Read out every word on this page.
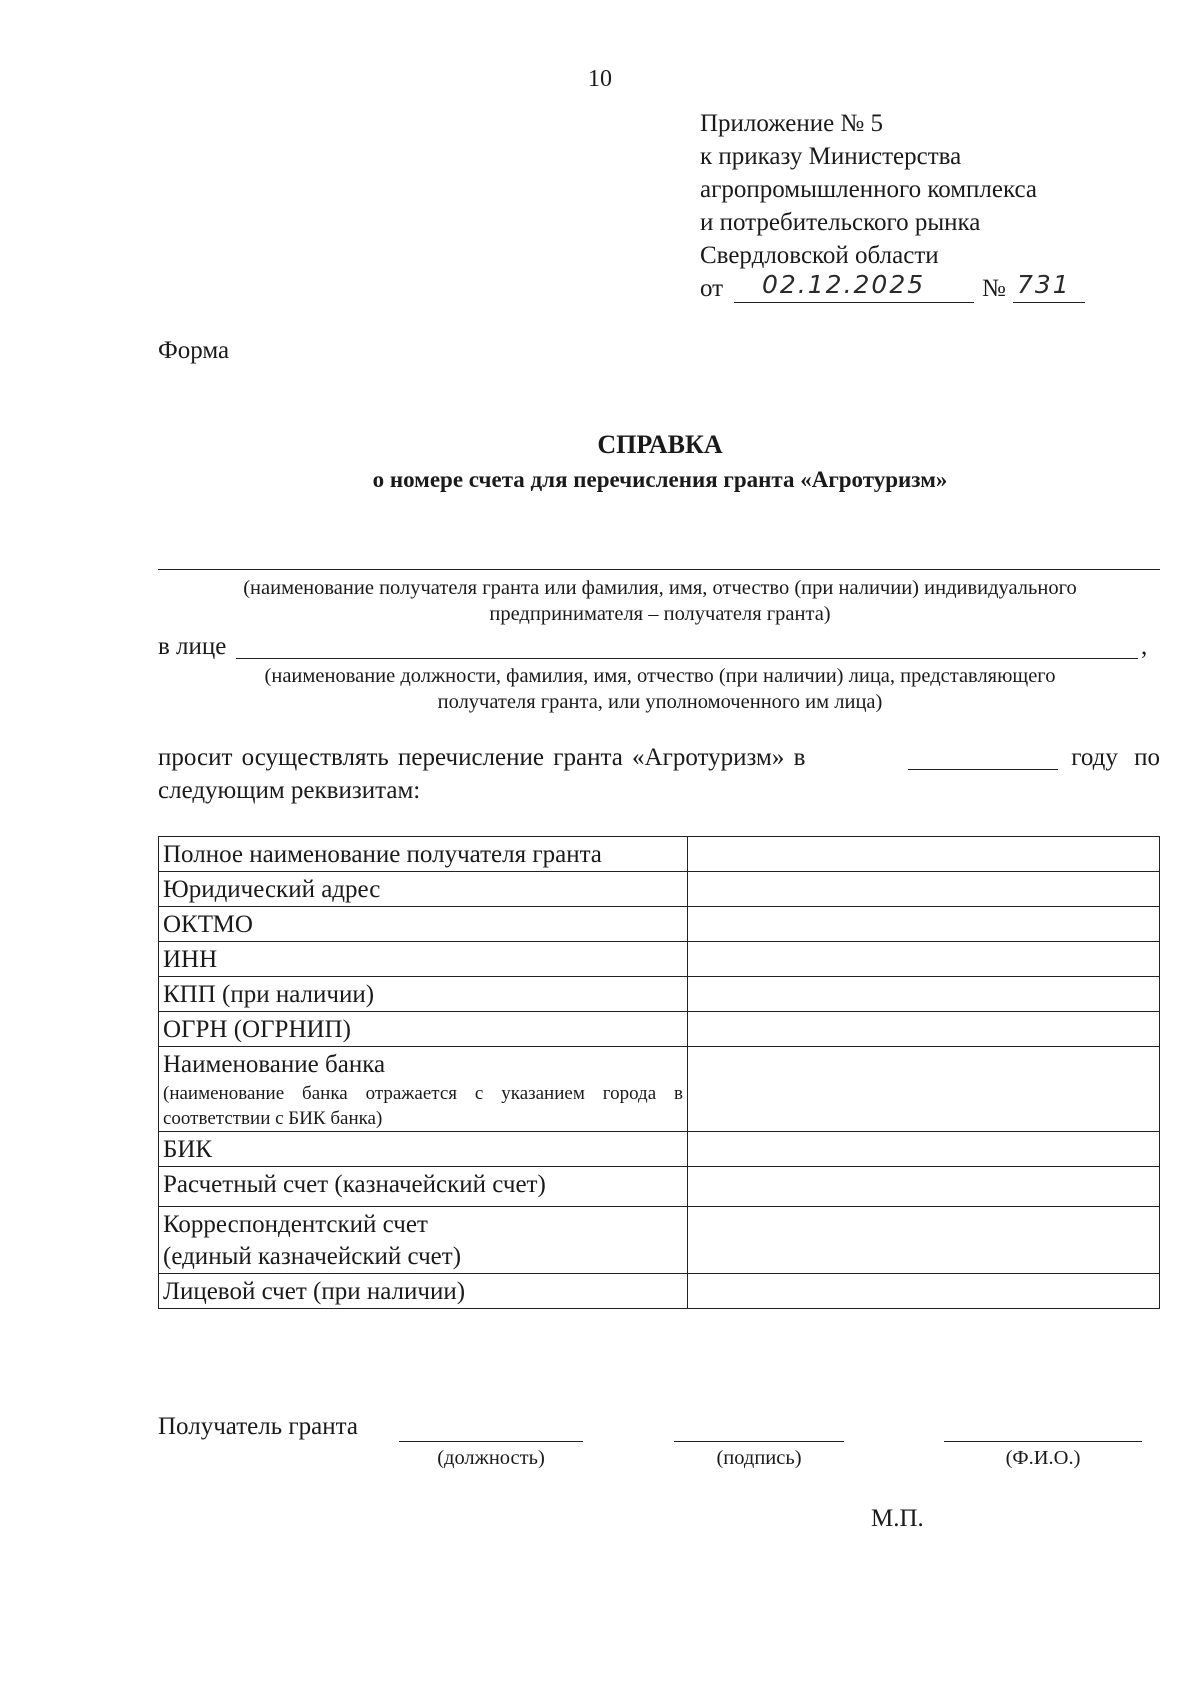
10
Приложение № 5
к приказу Министерства
агропромышленного комплекса
и потребительского рынка
Свердловской области
от 02.12.2025 № 731
Форма
СПРАВКА
о номере счета для перечисления гранта «Агротуризм»
(наименование получателя гранта или фамилия, имя, отчество (при наличии) индивидуального
предпринимателя – получателя гранта)
в лице	,
(наименование должности, фамилия, имя, отчество (при наличии) лица, представляющего
получателя гранта, или уполномоченного им лица)
просит осуществлять перечисление гранта «Агротуризм» в	году по
следующим реквизитам:
Полное наименование получателя гранта	
Юридический адрес	
ОКТМО	
ИНН	
КПП (при наличии)	
ОГРН (ОГРНИП)	

Наименование банка
(наименование банка отражается с указанием города в соответствии с БИК банка)	

БИК	
Расчетный счет (казначейский счет)	

Корреспондентский счет
(единый казначейский счет)	

Лицевой счет (при наличии)	
Получатель гранта
(должность)	(подпись)	(Ф.И.О.)
М.П.
